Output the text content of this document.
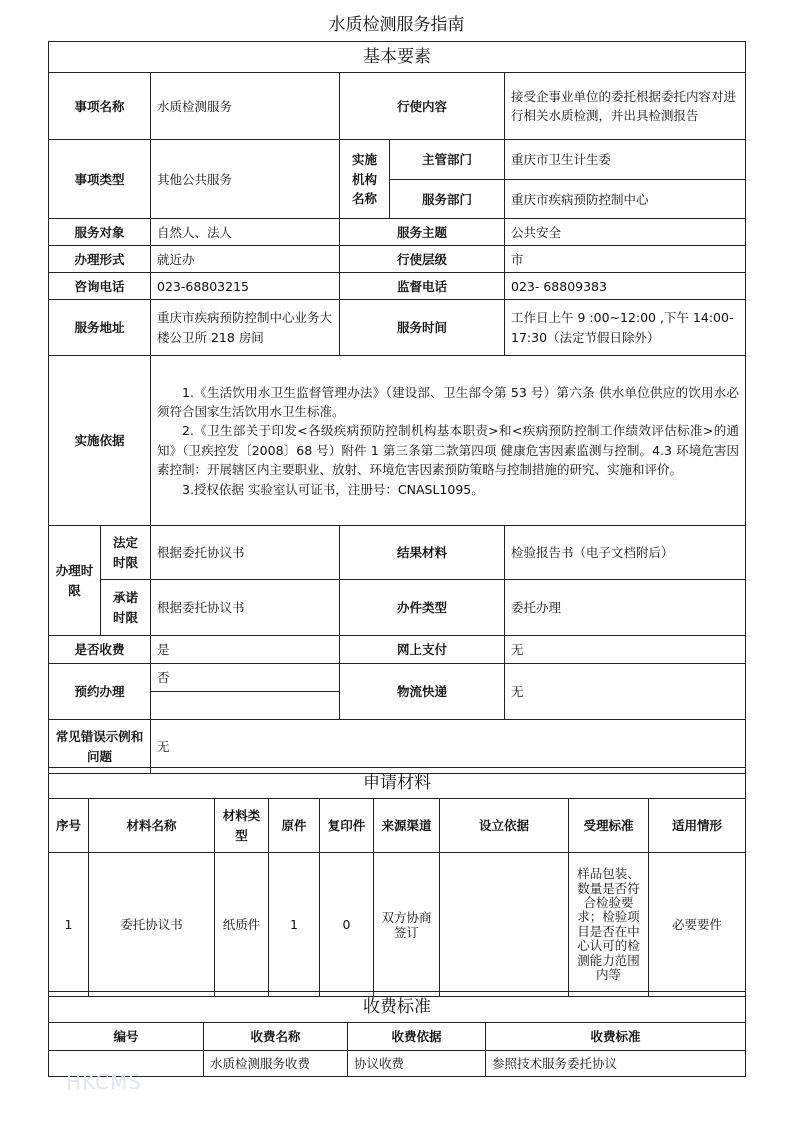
水质检测服务指南
基本要素					
事项名称		水质检测服务	行使内容		接受企事业单位的委托根据委托内容对进行相关水质检测，并出具检测报告
事项类型		其他公共服务	实施机构名称	主管部门	重庆市卫生计生委
				服务部门	重庆市疾病预防控制中心
服务对象		自然人、法人	服务主题		公共安全
办理形式		就近办	行使层级		市
咨询电话		023-68803215	监督电话		023- 68809383
服务地址		重庆市疾病预防控制中心业务大楼公卫所 218 房间	服务时间		工作日上午 9 :00~12:00 ,下午 14:00-17:30（法定节假日除外）
实施依据		1.《生活饮用水卫生监督管理办法》（建设部、卫生部令第 53 号）第六条 供水单位供应的饮用水必须符合国家生活饮用水卫生标准。

2.《卫生部关于印发<各级疾病预防控制机构基本职责>和<疾病预防控制工作绩效评估标准>的通知》（卫疾控发〔2008〕68 号）附件 1 第三条第二款第四项 健康危害因素监测与控制。4.3 环境危害因素控制：开展辖区内主要职业、放射、环境危害因素预防策略与控制措施的研究、实施和评价。

3.授权依据 实验室认可证书，注册号：CNASL1095。			

办理时限	法定时限	根据委托协议书	结果材料		检验报告书（电子文档附后）
	承诺时限	根据委托协议书	办件类型		委托办理
是否收费		是	网上支付		无
预约办理		否	物流快递		无

常见错误示例和问题		无			
申请材料								
序号	材料名称	材料类型	原件	复印件	来源渠道	设立依据	受理标准	适用情形
1	委托协议书	纸质件	1	0	双方协商签订		样品包装、数量是否符合检验要求；检验项目是否在中心认可的检测能力范围内等	必要要件
收费标准			
编号	收费名称	收费依据	收费标准
	水质检测服务收费	协议收费	参照技术服务委托协议
HKCMS
